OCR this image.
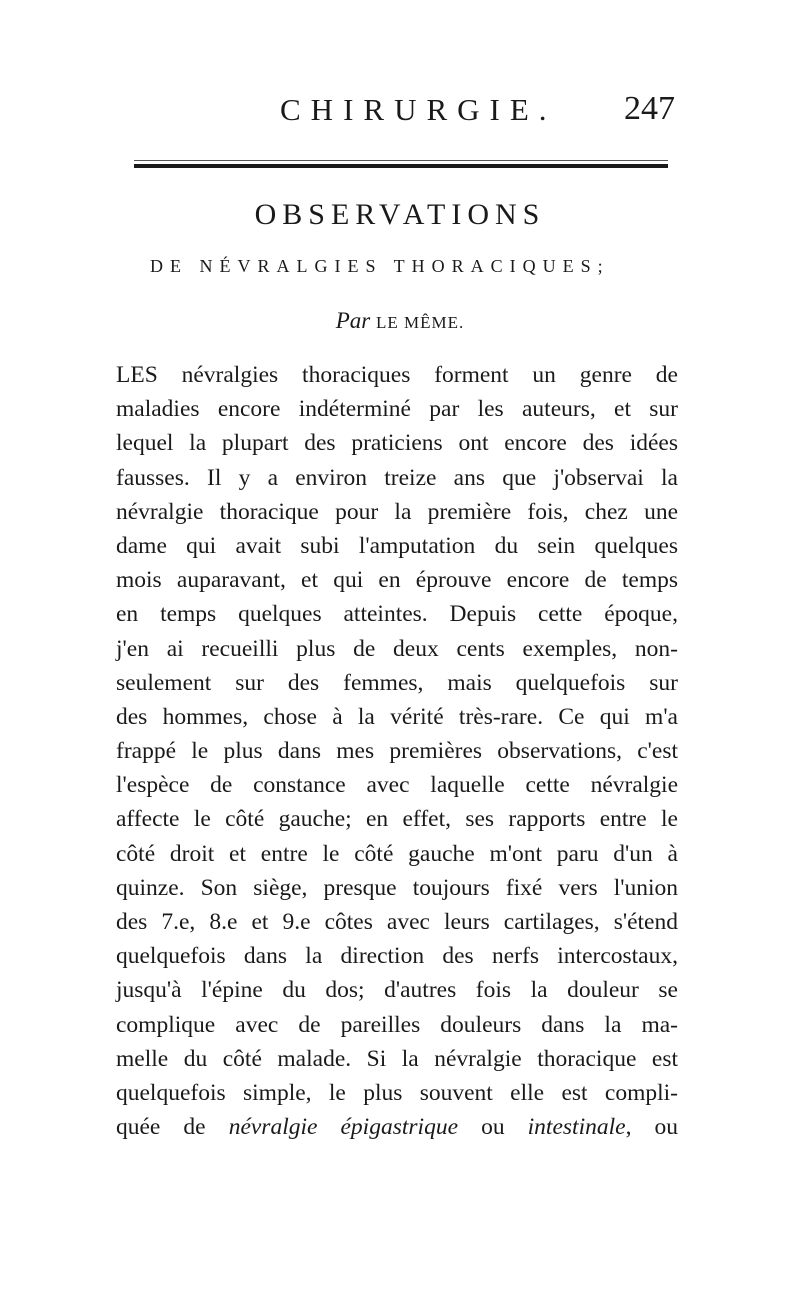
CHIRURGIE. 247
OBSERVATIONS
DE NÉVRALGIES THORACIQUES;
Par LE MÊME.
LES névralgies thoraciques forment un genre de
maladies encore indéterminé par les auteurs, et sur
lequel la plupart des praticiens ont encore des idées
fausses. Il y a environ treize ans que j'observai la
névralgie thoracique pour la première fois, chez une
dame qui avait subi l'amputation du sein quelques
mois auparavant, et qui en éprouve encore de temps
en temps quelques atteintes. Depuis cette époque,
j'en ai recueilli plus de deux cents exemples, non-
seulement sur des femmes, mais quelquefois sur
des hommes, chose à la vérité très-rare. Ce qui m'a
frappé le plus dans mes premières observations, c'est
l'espèce de constance avec laquelle cette névralgie
affecte le côté gauche; en effet, ses rapports entre le
côté droit et entre le côté gauche m'ont paru d'un à
quinze. Son siège, presque toujours fixé vers l'union
des 7.e, 8.e et 9.e côtes avec leurs cartilages, s'étend
quelquefois dans la direction des nerfs intercostaux,
jusqu'à l'épine du dos; d'autres fois la douleur se
complique avec de pareilles douleurs dans la ma-
melle du côté malade. Si la névralgie thoracique est
quelquefois simple, le plus souvent elle est compli-
quée de névralgie épigastrique ou intestinale, ou
